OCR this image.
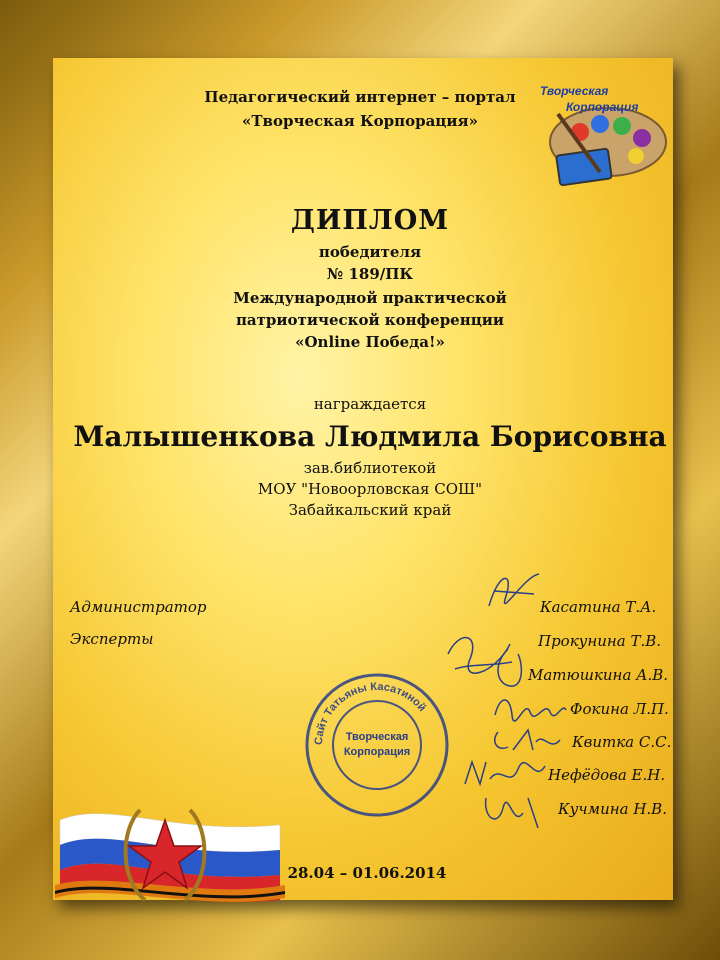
Педагогический интернет – портал
«Творческая Корпорация»
Творческая
Корпорация
ДИПЛОМ
победителя
№ 189/ПК
Международной практической
патриотической конференции
«Online Победа!»
награждается
Малышенкова Людмила Борисовна
зав.библиотекой
МОУ "Новоорловская СОШ"
Забайкальский край
Администратор
Эксперты
Касатина Т.А.
Прокунина Т.В.
Матюшкина А.В.
Фокина Л.П.
Квитка С.С.
Нефёдова Е.Н.
Кучмина Н.В.
Сайт Татьяны Касатиной
Творческая
Корпорация
28.04 – 01.06.2014
